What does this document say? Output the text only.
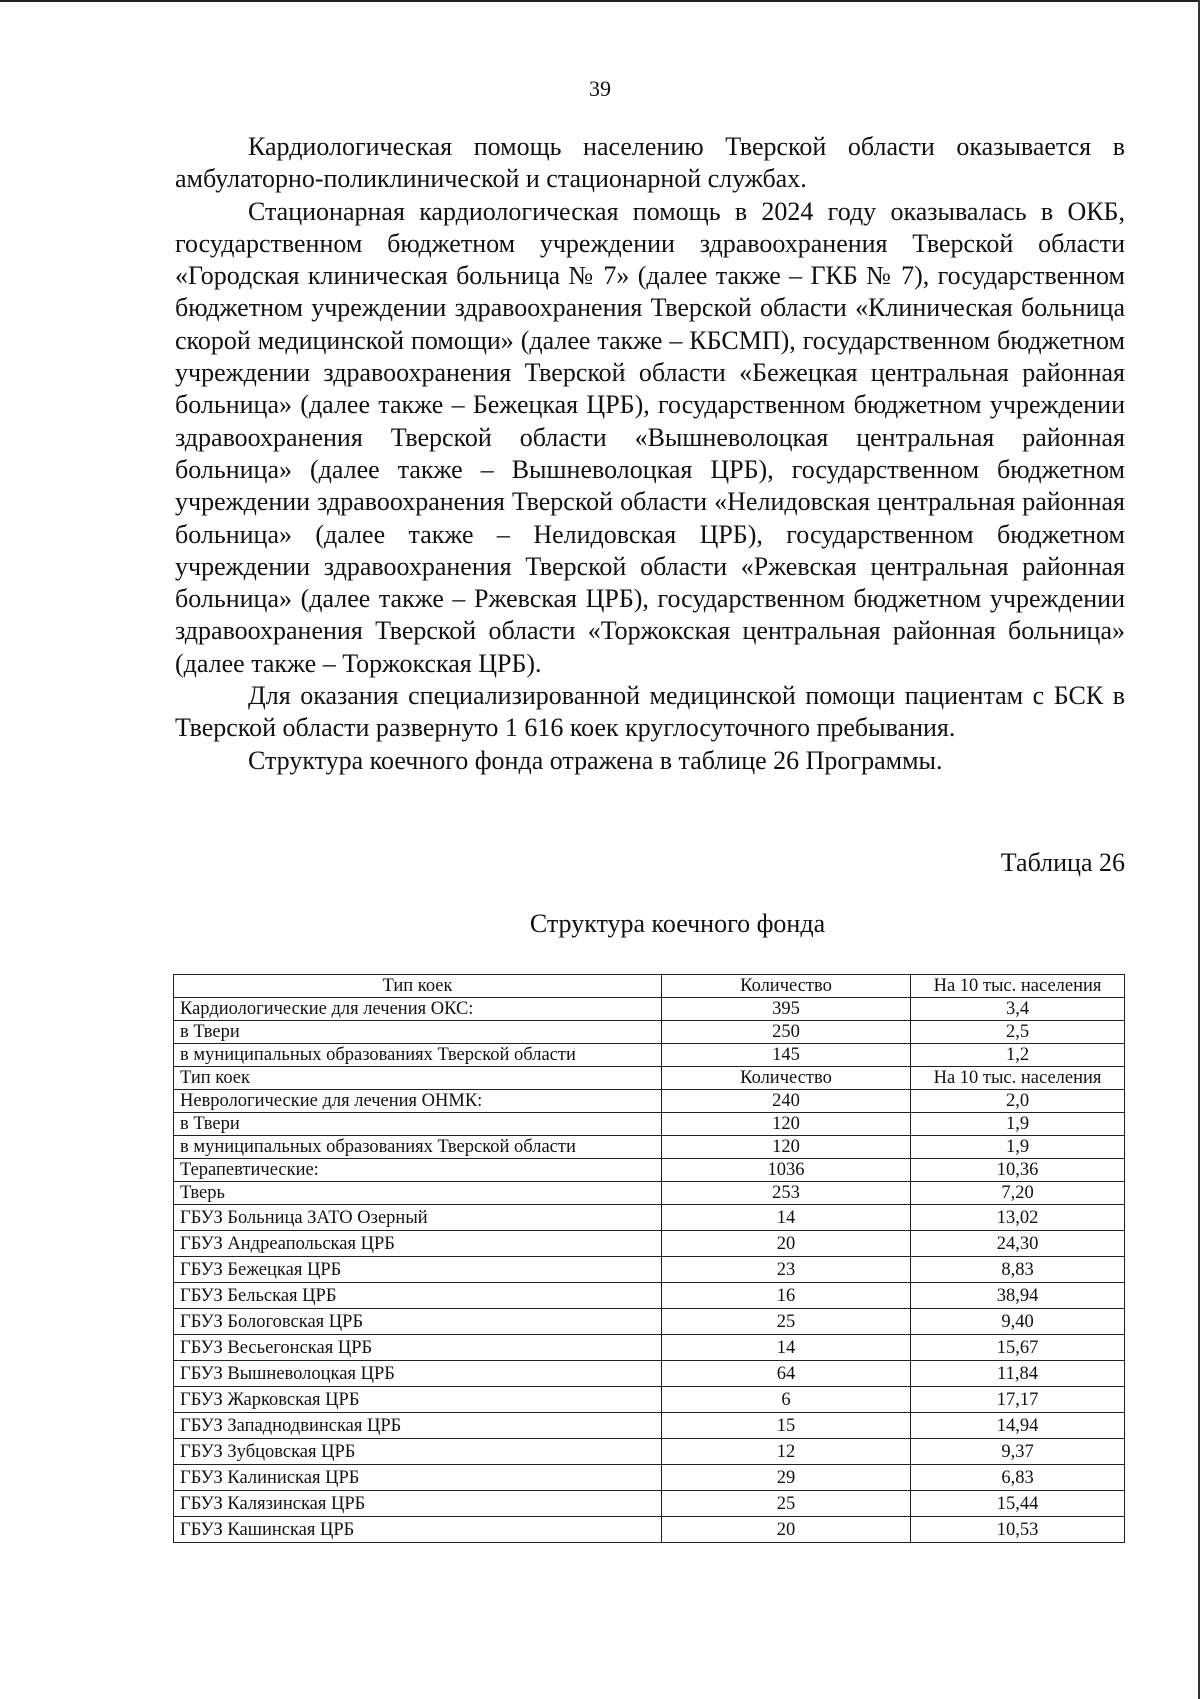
39

Кардиологическая помощь населению Тверской области оказывается в амбулаторно-поликлинической и стационарной службах.

Стационарная кардиологическая помощь в 2024 году оказывалась в ОКБ, государственном бюджетном учреждении здравоохранения Тверской области «Городская клиническая больница № 7» (далее также – ГКБ № 7), государственном бюджетном учреждении здравоохранения Тверской области «Клиническая больница скорой медицинской помощи» (далее также – КБСМП), государственном бюджетном учреждении здравоохранения Тверской области «Бежецкая центральная районная больница» (далее также – Бежецкая ЦРБ), государственном бюджетном учреждении здравоохранения Тверской области «Вышневолоцкая центральная районная больница» (далее также – Вышневолоцкая ЦРБ), государственном бюджетном учреждении здравоохранения Тверской области «Нелидовская центральная районная больница» (далее также – Нелидовская ЦРБ), государственном бюджетном учреждении здравоохранения Тверской области «Ржевская центральная районная больница» (далее также – Ржевская ЦРБ), государственном бюджетном учреждении здравоохранения Тверской области «Торжокская центральная районная больница» (далее также – Торжокская ЦРБ).

Для оказания специализированной медицинской помощи пациентам с БСК в Тверской области развернуто 1 616 коек круглосуточного пребывания.

Структура коечного фонда отражена в таблице 26 Программы.

Таблица 26
Структура коечного фонда
Тип коек	Количество	На 10 тыс. населения
Кардиологические для лечения ОКС:	395	3,4
в Твери	250	2,5
в муниципальных образованиях Тверской области	145	1,2
Тип коек	Количество	На 10 тыс. населения
Неврологические для лечения ОНМК:	240	2,0
в Твери	120	1,9
в муниципальных образованиях Тверской области	120	1,9
Терапевтические:	1036	10,36
Тверь	253	7,20
ГБУЗ Больница ЗАТО Озерный	14	13,02
ГБУЗ Андреапольская ЦРБ	20	24,30
ГБУЗ Бежецкая ЦРБ	23	8,83
ГБУЗ Бельская ЦРБ	16	38,94
ГБУЗ Бологовская ЦРБ	25	9,40
ГБУЗ Весьегонская ЦРБ	14	15,67
ГБУЗ Вышневолоцкая ЦРБ	64	11,84
ГБУЗ Жарковская ЦРБ	6	17,17
ГБУЗ Западнодвинская ЦРБ	15	14,94
ГБУЗ Зубцовская ЦРБ	12	9,37
ГБУЗ Калиниская ЦРБ	29	6,83
ГБУЗ Калязинская ЦРБ	25	15,44
ГБУЗ Кашинская ЦРБ	20	10,53
